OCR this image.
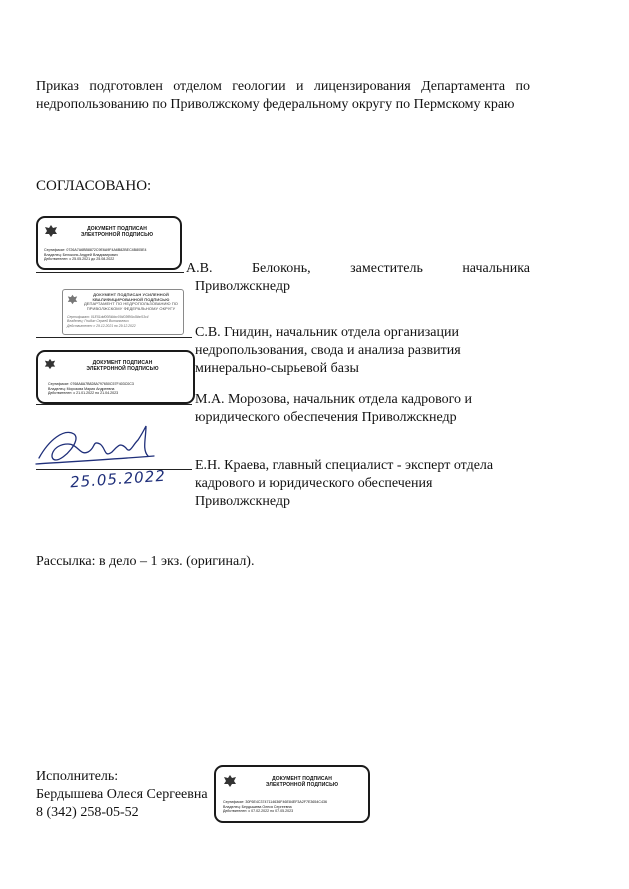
Приказ подготовлен отделом геологии и лицензирования Департамента по недропользованию по Приволжскому федеральному округу по Пермскому краю
СОГЛАСОВАНО:
ДОКУМЕНТ ПОДПИСАН
ЭЛЕКТРОННОЙ ПОДПИСЬЮ
Сертификат: 0726A7A6BB8872C9E6A9F4A6B82BEC4B805E4
Владелец: Белоконь Андрей Владимирович
Действителен: с 25.05.2021 до 25.08.2022
А.В. Белоконь, заместитель начальника
Приволжскнедр
ДОКУМЕНТ ПОДПИСАН УСИЛЕННОЙ
КВАЛИФИЦИРОВАННОЙ ПОДПИСЬЮ
ДЕПАРТАМЕНТ ПО НЕДРОПОЛЬЗОВАНИЮ ПО
ПРИВОЛЖСКОМУ ФЕДЕРАЛЬНОМУ ОКРУГУ
Сертификат: 01E51dd00B4bbc09403f86b49bc53c4
Владелец: Гнидин Сергей Витальевич
Действителен: с 29.12.2021 по 29.12.2022	С.В. Гнидин, начальник отдела организации
недропользования, свода и анализа развития
минерально-сырьевой базы
ДОКУМЕНТ ПОДПИСАН
ЭЛЕКТРОННОЙ ПОДПИСЬЮ
Сертификат: 0768A8A7B828A797650C57F403C0C3
Владелец: Морозова Мария Андреевна
Действителен: с 21.01.2022 по 21.04.2023	М.А. Морозова, начальник отдела кадрового и
юридического обеспечения Приволжскнедр
25.05.2022
Е.Н. Краева, главный специалист - эксперт отдела
кадрового и юридического обеспечения
Приволжскнедр
Рассылка: в дело – 1 экз. (оригинал).
Исполнитель:
Бердышева Олеся Сергеевна
8 (342) 258-05-52
ДОКУМЕНТ ПОДПИСАН
ЭЛЕКТРОННОЙ ПОДПИСЬЮ
Сертификат: 30F6E4C3747114636F46E84EF3A2F7E3654C436
Владелец: Бердышева Олеся Сергеевна
Действителен: с 07.02.2022 по 07.05.2023
